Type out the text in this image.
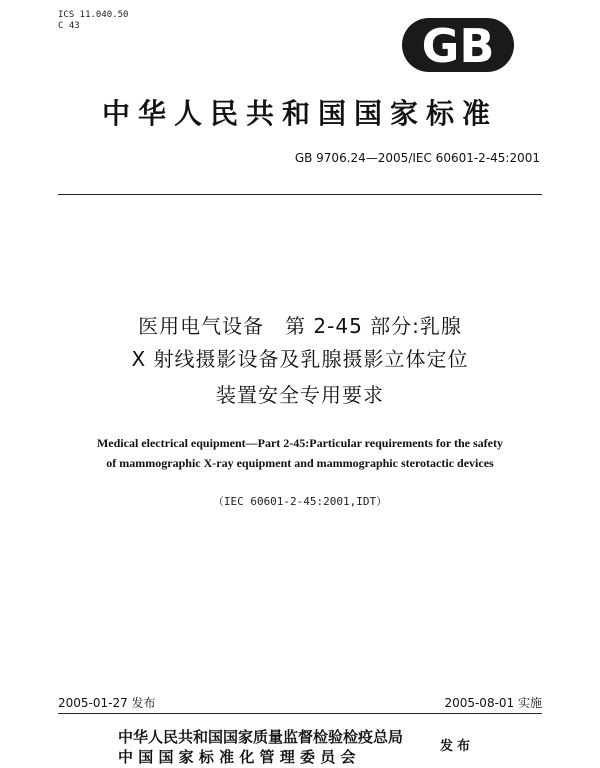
ICS 11.040.50
C 43	GB
中华人民共和国国家标准
GB 9706.24—2005/IEC 60601-2-45:2001
医用电气设备　第 2-45 部分:乳腺
X 射线摄影设备及乳腺摄影立体定位
装置安全专用要求
Medical electrical equipment—Part 2-45:Particular requirements for the safety
of mammographic X-ray equipment and mammographic sterotactic devices
（IEC 60601-2-45:2001,IDT）
2005-01-27 发布	2005-08-01 实施
中华人民共和国国家质量监督检验检疫总局
中 国 国 家 标 准 化 管 理 委 员 会
发布
